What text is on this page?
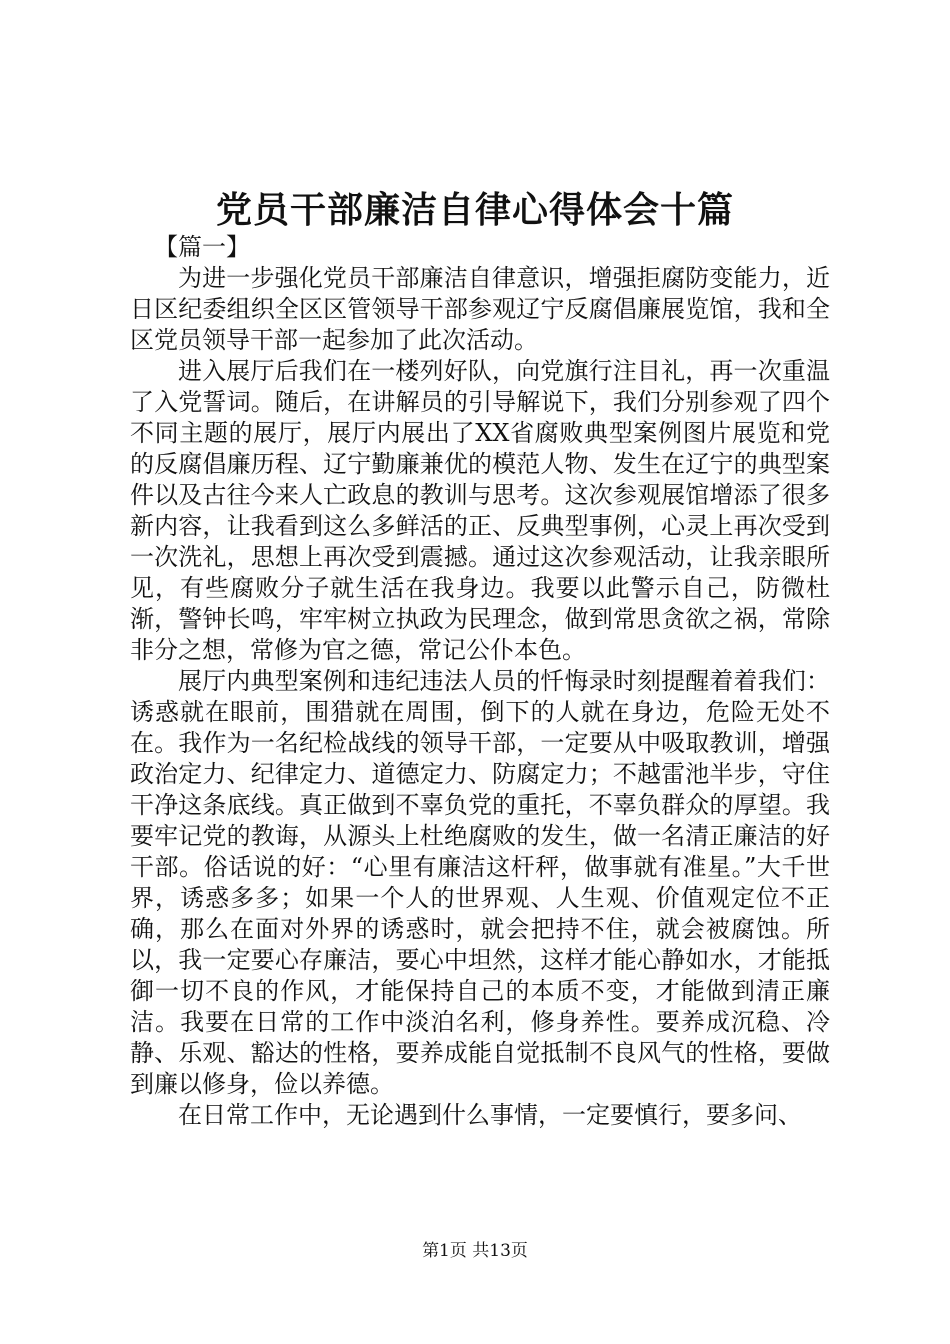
党员干部廉洁自律心得体会十篇

【篇一】

为进一步强化党员干部廉洁自律意识，增强拒腐防变能力，近日区纪委组织全区区管领导干部参观辽宁反腐倡廉展览馆，我和全区党员领导干部一起参加了此次活动。

进入展厅后我们在一楼列好队，向党旗行注目礼，再一次重温了入党誓词。随后，在讲解员的引导解说下，我们分别参观了四个不同主题的展厅，展厅内展出了XX省腐败典型案例图片展览和党的反腐倡廉历程、辽宁勤廉兼优的模范人物、发生在辽宁的典型案件以及古往今来人亡政息的教训与思考。这次参观展馆增添了很多新内容，让我看到这么多鲜活的正、反典型事例，心灵上再次受到一次洗礼，思想上再次受到震撼。通过这次参观活动，让我亲眼所见，有些腐败分子就生活在我身边。我要以此警示自己，防微杜渐，警钟长鸣，牢牢树立执政为民理念，做到常思贪欲之祸，常除非分之想，常修为官之德，常记公仆本色。

展厅内典型案例和违纪违法人员的忏悔录时刻提醒着着我们：诱惑就在眼前，围猎就在周围，倒下的人就在身边，危险无处不在。我作为一名纪检战线的领导干部，一定要从中吸取教训，增强政治定力、纪律定力、道德定力、防腐定力；不越雷池半步，守住干净这条底线。真正做到不辜负党的重托，不辜负群众的厚望。我要牢记党的教诲，从源头上杜绝腐败的发生，做一名清正廉洁的好干部。俗话说的好：“心里有廉洁这杆秤，做事就有准星。”大千世界，诱惑多多；如果一个人的世界观、人生观、价值观定位不正确，那么在面对外界的诱惑时，就会把持不住，就会被腐蚀。所以，我一定要心存廉洁，要心中坦然，这样才能心静如水，才能抵御一切不良的作风，才能保持自己的本质不变，才能做到清正廉洁。我要在日常的工作中淡泊名利，修身养性。要养成沉稳、冷静、乐观、豁达的性格，要养成能自觉抵制不良风气的性格，要做到廉以修身，俭以养德。

在日常工作中，无论遇到什么事情，一定要慎行，要多问、

第1页 共13页
